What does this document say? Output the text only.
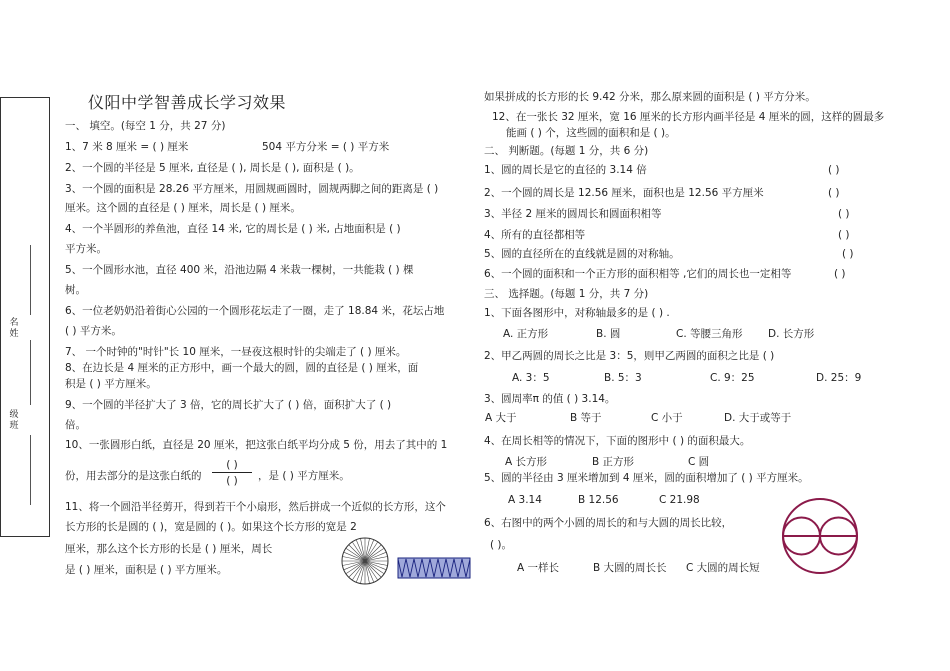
名姓
级班
仪阳中学智善成长学习效果
一、 填空。(每空 1 分，共 27 分)
1、7 米 8 厘米 = ( ) 厘米	504 平方分米 = ( ) 平方米
2、一个圆的半径是 5 厘米, 直径是 ( ), 周长是 ( ), 面积是 ( )。
3、一个圆的面积是 28.26 平方厘米，用圆规画圆时，圆规两脚之间的距离是 ( )
厘米。这个圆的直径是 ( ) 厘米，周长是 ( ) 厘米。
4、一个半圆形的养鱼池，直径 14 米, 它的周长是 ( ) 米, 占地面积是 ( )
平方米。
5、一个圆形水池，直径 400 米，沿池边隔 4 米栽一棵树，一共能栽 ( ) 棵
树。
6、一位老奶奶沿着街心公园的一个圆形花坛走了一圈，走了 18.84 米，花坛占地
( ) 平方米。
7、 一个时钟的"时针"长 10 厘米，一昼夜这根时针的尖端走了 ( ) 厘米。
8、在边长是 4 厘米的正方形中，画一个最大的圆，圆的直径是 ( ) 厘米，面
积是 ( ) 平方厘米。
9、一个圆的半径扩大了 3 倍，它的周长扩大了 ( ) 倍，面积扩大了 ( )
倍。
10、一张圆形白纸，直径是 20 厘米，把这张白纸平均分成 5 份，用去了其中的 1
份，用去部分的是这张白纸的
( )
( )	，是 ( ) 平方厘米。
11、将一个圆沿半径剪开，得到若干个小扇形，然后拼成一个近似的长方形，这个
长方形的长是圆的 ( )，宽是圆的 ( )。如果这个长方形的宽是 2
厘米，那么这个长方形的长是 ( ) 厘米，周长
是 ( ) 厘米，面积是 ( ) 平方厘米。
如果拼成的长方形的长 9.42 分米，那么原来圆的面积是 ( ) 平方分米。
12、在一张长 32 厘米，宽 16 厘米的长方形内画半径是 4 厘米的圆，这样的圆最多
能画 ( ) 个，这些圆的面积和是 ( )。
二、 判断题。(每题 1 分，共 6 分)
1、圆的周长是它的直径的 3.14 倍	( )
2、一个圆的周长是 12.56 厘米，面积也是 12.56 平方厘米	( )
3、半径 2 厘米的圆周长和圆面积相等	( )
4、所有的直径都相等	( )
5、圆的直径所在的直线就是圆的对称轴。	( )
6、一个圆的面积和一个正方形的面积相等 ,它们的周长也一定相等	( )
三、 选择题。(每题 1 分，共 7 分)
1、下面各图形中，对称轴最多的是 ( ) .
A. 正方形	B. 圆	C. 等腰三角形 D. 长方形
2、甲乙两圆的周长之比是 3：5，则甲乙两圆的面积之比是 ( )
A. 3：5	B. 5：3	C. 9：25	D. 25：9
3、圆周率π 的值 ( ) 3.14。
A 大于	B 等于	C 小于	D. 大于或等于
4、在周长相等的情况下，下面的图形中 ( ) 的面积最大。
A 长方形	B 正方形	C 圆
5、圆的半径由 3 厘米增加到 4 厘米，圆的面积增加了 ( ) 平方厘米。
A 3.14	B 12.56	C 21.98
6、右图中的两个小圆的周长的和与大圆的周长比较，
( )。
A 一样长	B 大圆的周长长 C 大圆的周长短
